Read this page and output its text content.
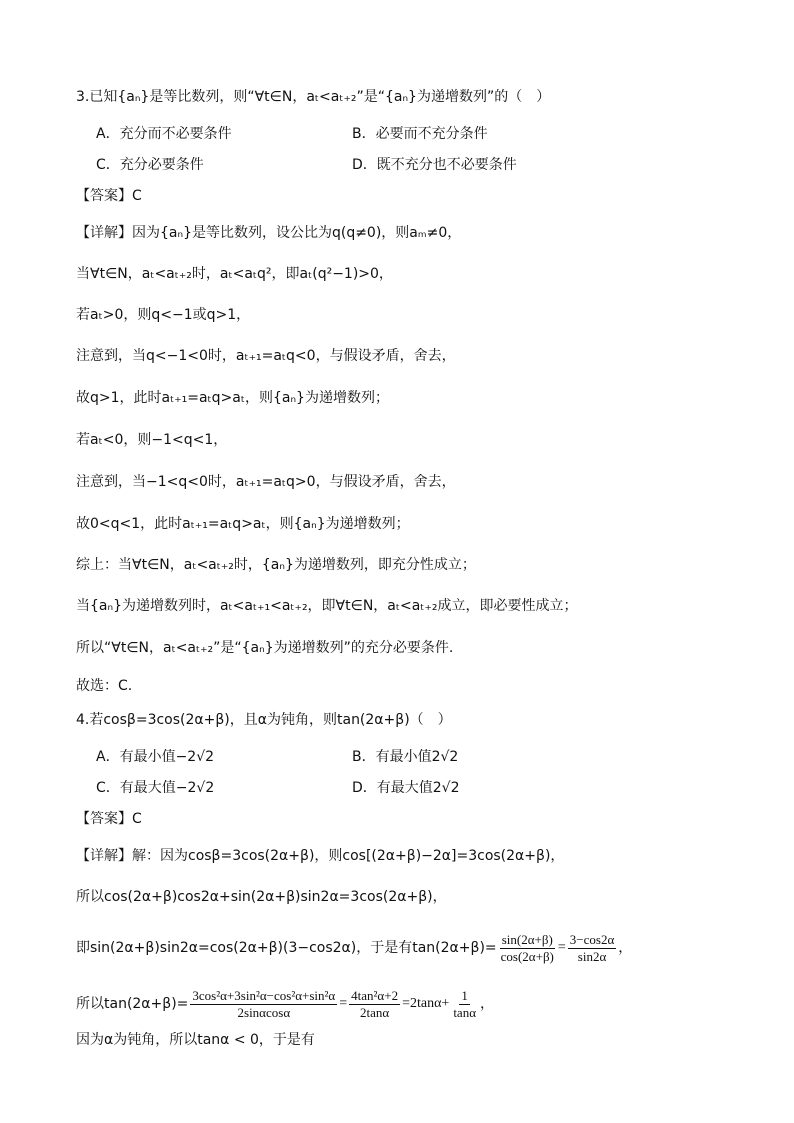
3.已知{aₙ}是等比数列，则“∀t∈N，aₜ<aₜ₊₂”是“{aₙ}为递增数列”的（　）
A．充分而不必要条件	B．必要而不充分条件
C．充分必要条件	D．既不充分也不必要条件
【答案】C
【详解】因为{aₙ}是等比数列，设公比为q(q≠0)，则aₘ≠0，
当∀t∈N，aₜ<aₜ₊₂时，aₜ<aₜq²，即aₜ(q²−1)>0，
若aₜ>0，则q<−1或q>1，
注意到，当q<−1<0时，aₜ₊₁=aₜq<0，与假设矛盾，舍去，
故q>1，此时aₜ₊₁=aₜq>aₜ，则{aₙ}为递增数列；
若aₜ<0，则−1<q<1，
注意到，当−1<q<0时，aₜ₊₁=aₜq>0，与假设矛盾，舍去，
故0<q<1，此时aₜ₊₁=aₜq>aₜ，则{aₙ}为递增数列；
综上：当∀t∈N，aₜ<aₜ₊₂时，{aₙ}为递增数列，即充分性成立；
当{aₙ}为递增数列时，aₜ<aₜ₊₁<aₜ₊₂，即∀t∈N，aₜ<aₜ₊₂成立，即必要性成立；
所以“∀t∈N，aₜ<aₜ₊₂”是“{aₙ}为递增数列”的充分必要条件.
故选：C.
4.若cosβ=3cos(2α+β)，且α为钝角，则tan(2α+β)（　）
A．有最小值−2√2	B．有最小值2√2
C．有最大值−2√2	D．有最大值2√2
【答案】C
【详解】解：因为cosβ=3cos(2α+β)，则cos[(2α+β)−2α]=3cos(2α+β)，
所以cos(2α+β)cos2α+sin(2α+β)sin2α=3cos(2α+β)，
即sin(2α+β)sin2α=cos(2α+β)(3−cos2α)，于是有$\tan(2\alpha+\beta)= \frac{\sin(2\alpha+\beta)}{\cos(2\alpha+\beta)} = \frac{3-\cos 2\alpha}{\sin 2\alpha}$ ，
所以$\tan(2\alpha+\beta)= \frac{\text{3cos²α+3sin²α−cos²α+sin²α}}{2\sin\alpha\cos\alpha} = \frac{\text{4tan²α+2}}{2\tan\alpha} =2\tan\alpha+ \frac{1}{\tan\alpha}$ ，
因为α为钝角，所以tanα < 0，于是有
